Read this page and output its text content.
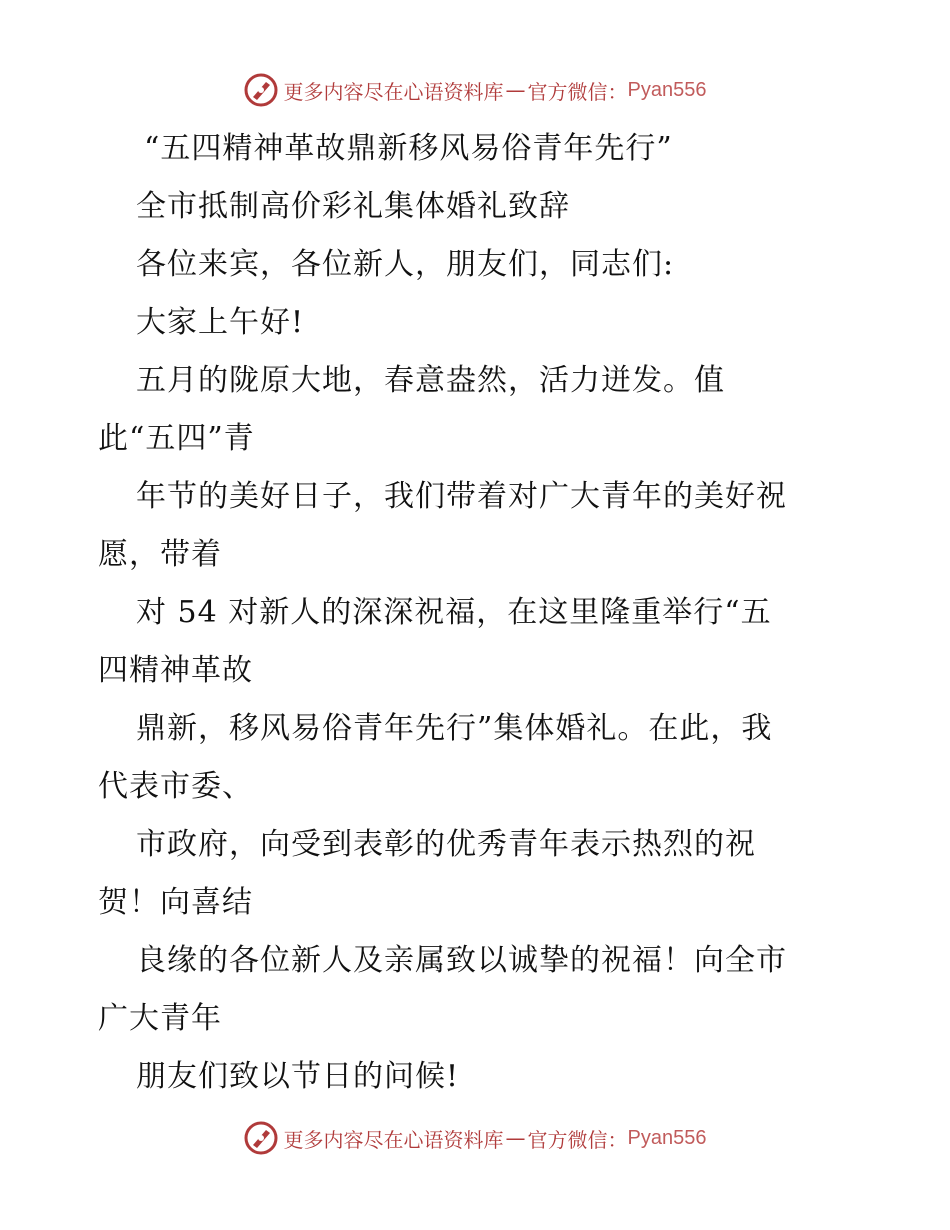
更多内容尽在心语资料库 — 官方微信： Pyan556
“五四精神革故鼎新移风易俗青年先行”
全市抵制高价彩礼集体婚礼致辞
各位来宾，各位新人，朋友们，同志们:
大家上午好!
五月的陇原大地，春意盎然，活力迸发。值
此“五四”青
年节的美好日子，我们带着对广大青年的美好祝
愿，带着
对 54 对新人的深深祝福，在这里隆重举行“五
四精神革故
鼎新，移风易俗青年先行”集体婚礼。在此，我
代表市委、
市政府，向受到表彰的优秀青年表示热烈的祝
贺！向喜结
良缘的各位新人及亲属致以诚挚的祝福！向全市
广大青年
朋友们致以节日的问候!
更多内容尽在心语资料库 — 官方微信： Pyan556
